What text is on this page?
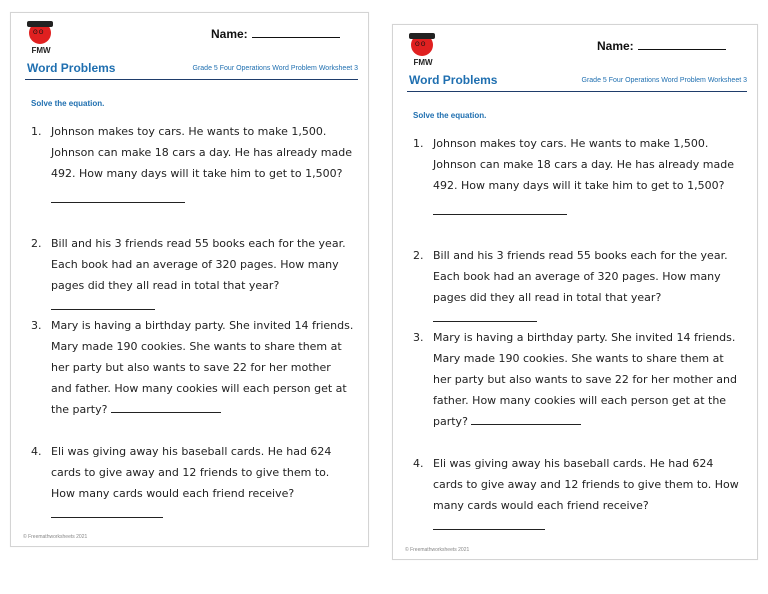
ʘʘ
FMW
Name:
Word Problems	Grade 5 Four Operations Word Problem Worksheet 3
Solve the equation.
1. Johnson makes toy cars. He wants to make 1,500. Johnson can make 18 cars a day. He has already made 492. How many days will it take him to get to 1,500?
2. Bill and his 3 friends read 55 books each for the year. Each book had an average of 320 pages. How many pages did they all read in total that year?
3. Mary is having a birthday party. She invited 14 friends. Mary made 190 cookies. She wants to share them at her party but also wants to save 22 for her mother and father. How many cookies will each person get at the party?
4. Eli was giving away his baseball cards. He had 624 cards to give away and 12 friends to give them to. How many cards would each friend receive?
© Freemathworksheets 2021
ʘʘ
FMW
Name:
Word Problems	Grade 5 Four Operations Word Problem Worksheet 3
Solve the equation.
1. Johnson makes toy cars. He wants to make 1,500. Johnson can make 18 cars a day. He has already made 492. How many days will it take him to get to 1,500?
2. Bill and his 3 friends read 55 books each for the year. Each book had an average of 320 pages. How many pages did they all read in total that year?
3. Mary is having a birthday party. She invited 14 friends. Mary made 190 cookies. She wants to share them at her party but also wants to save 22 for her mother and father. How many cookies will each person get at the party?
4. Eli was giving away his baseball cards. He had 624 cards to give away and 12 friends to give them to. How many cards would each friend receive?
© Freemathworksheets 2021
